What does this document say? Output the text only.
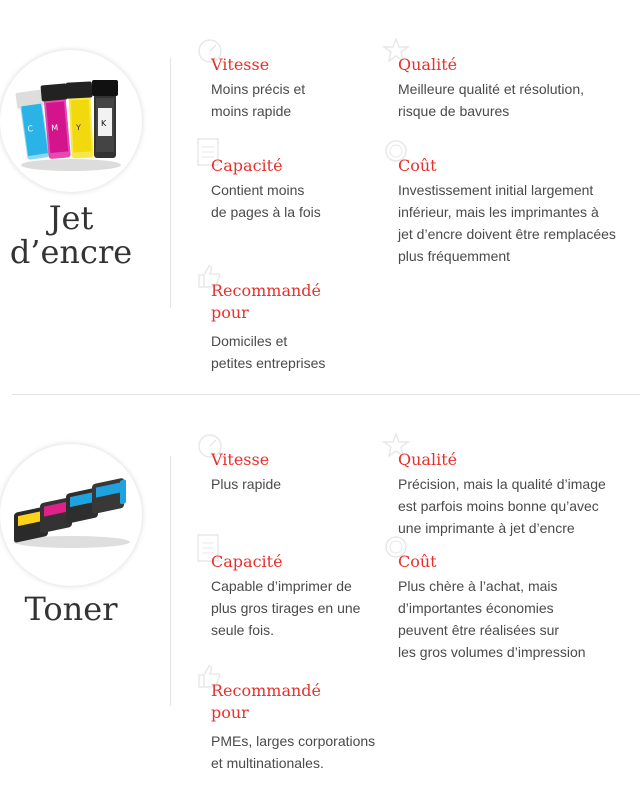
C M Y K
Jet
d’encre
Vitesse
Moins précis et
moins rapide
Qualité
Meilleure qualité et résolution,
risque de bavures
Capacité
Contient moins
de pages à la fois
Coût
Investissement initial largement
inférieur, mais les imprimantes à
jet d’encre doivent être remplacées
plus fréquemment
Recommandé
pour
Domiciles et
petites entreprises
Toner
Vitesse
Plus rapide
Qualité
Précision, mais la qualité d’image
est parfois moins bonne qu’avec
une imprimante à jet d’encre
Capacité
Capable d’imprimer de
plus gros tirages en une
seule fois.
Coût
Plus chère à l’achat, mais
d’importantes économies
peuvent être réalisées sur
les gros volumes d’impression
Recommandé
pour
PMEs, larges corporations
et multinationales.
